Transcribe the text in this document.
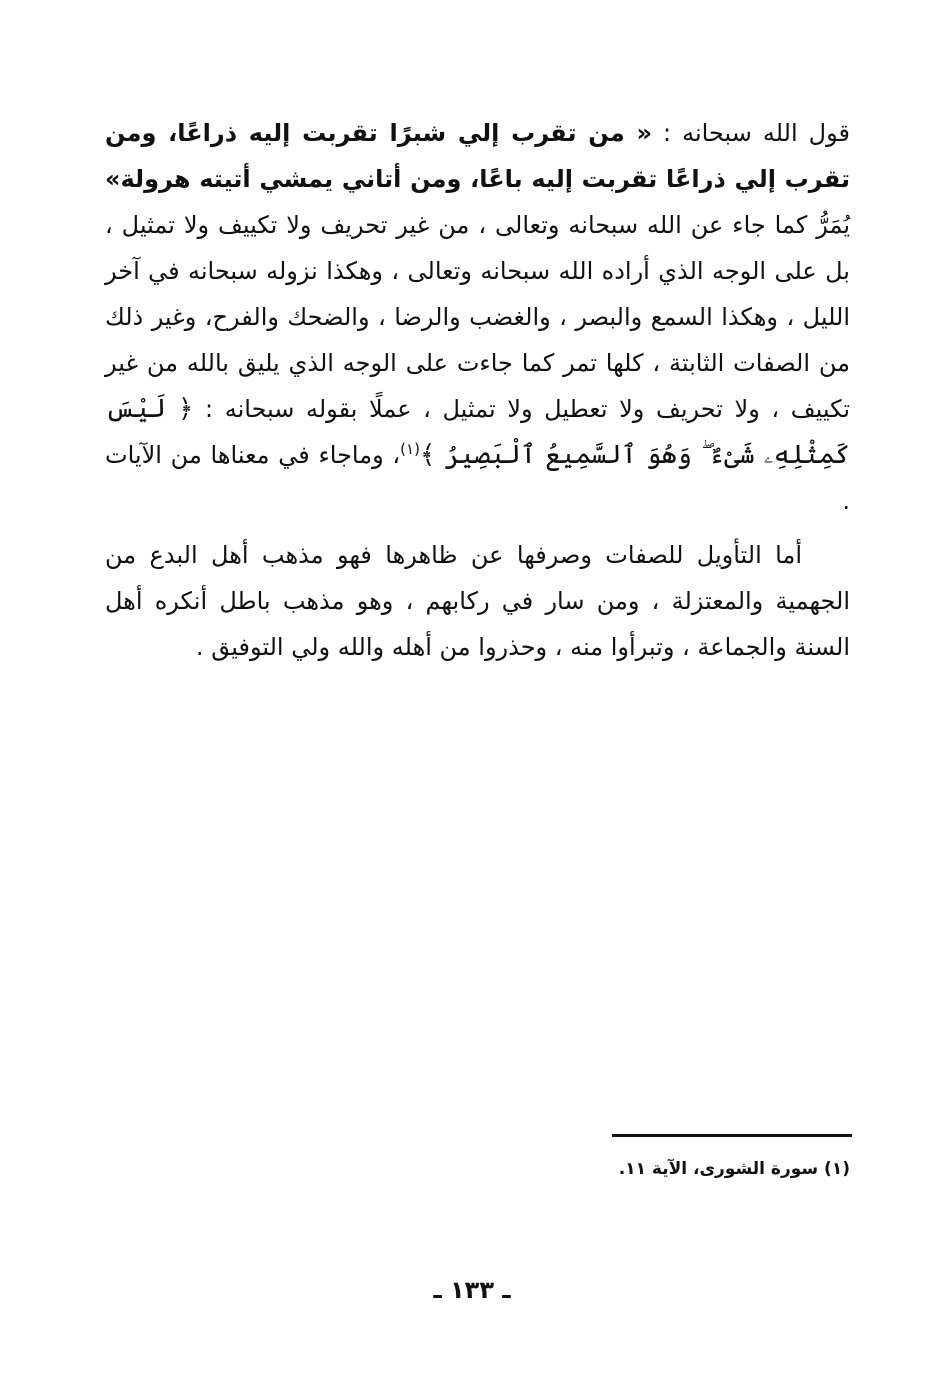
قول الله سبحانه : « من تقرب إلي شبرًا تقربت إليه ذراعًا، ومن تقرب إلي ذراعًا تقربت إليه باعًا، ومن أتاني يمشي أتيته هرولة» يُمَرُّ كما جاء عن الله سبحانه وتعالى ، من غير تحريف ولا تكييف ولا تمثيل ، بل على الوجه الذي أراده الله سبحانه وتعالى ، وهكذا نزوله سبحانه في آخر الليل ، وهكذا السمع والبصر ، والغضب والرضا ، والضحك والفرح، وغير ذلك من الصفات الثابتة ، كلها تمر كما جاءت على الوجه الذي يليق بالله من غير تكييف ، ولا تحريف ولا تعطيل ولا تمثيل ، عملًا بقوله سبحانه : ﴿ لَيْسَ كَمِثْلِهِۦ شَىْءٌ ۖ وَهُوَ ٱلسَّمِيعُ ٱلْبَصِيرُ ﴾$^{(١)}$، وماجاء في معناها من الآيات .

أما التأويل للصفات وصرفها عن ظاهرها فهو مذهب أهل البدع من الجهمية والمعتزلة ، ومن سار في ركابهم ، وهو مذهب باطل أنكره أهل السنة والجماعة ، وتبرأوا منه ، وحذروا من أهله والله ولي التوفيق .

(١) سورة الشورى، الآية ١١.
ـ ١٣٣ ـ
